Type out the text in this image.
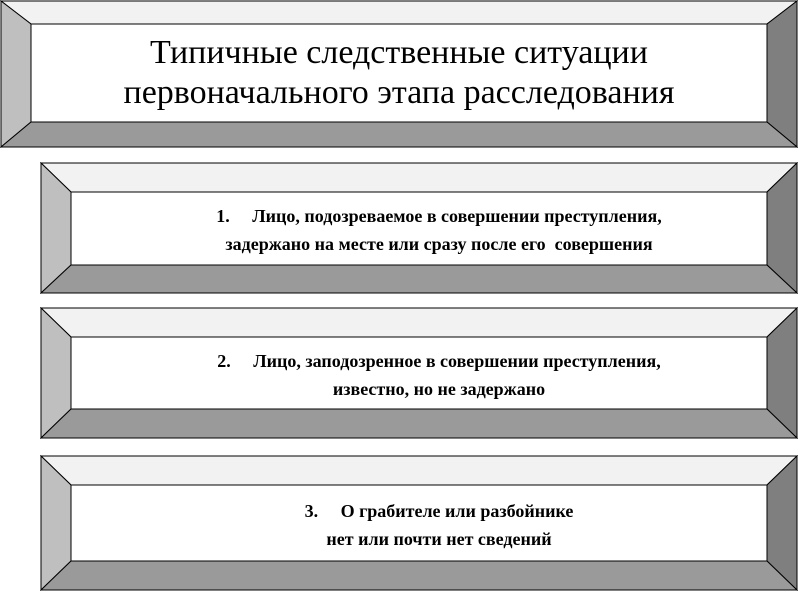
Типичные следственные ситуации
первоначального этапа расследования
1. Лицо, подозреваемое в совершении преступления,
задержано на месте или сразу после его  совершения
2. Лицо, заподозренное в совершении преступления,
известно, но не задержано
3. О грабителе или разбойнике
нет или почти нет сведений
